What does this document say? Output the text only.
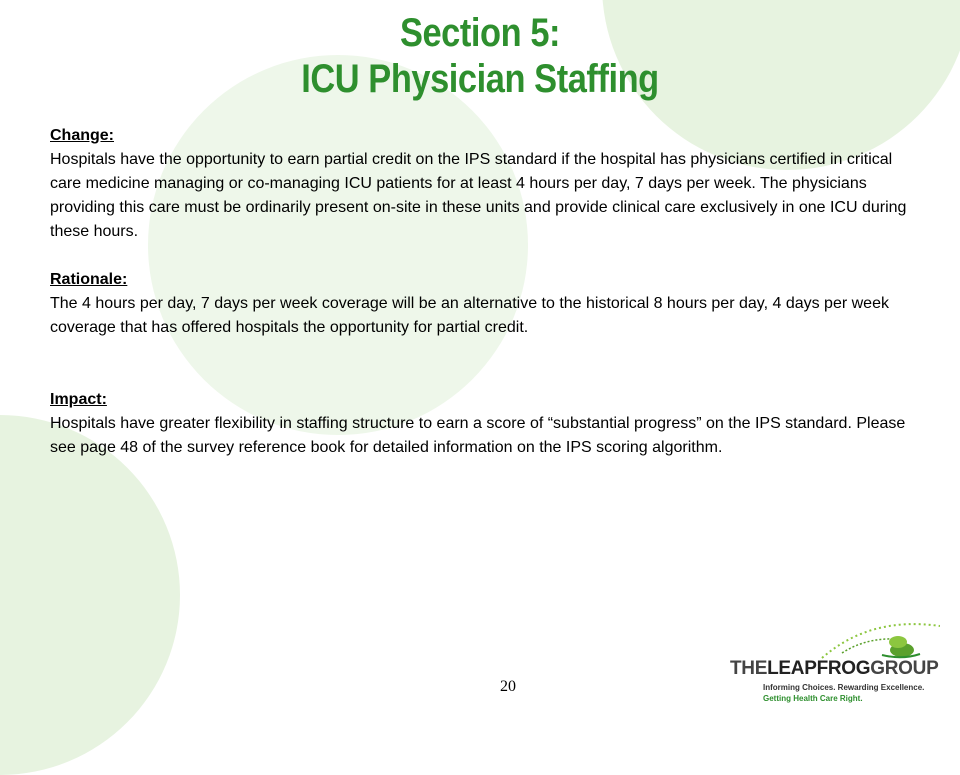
Section 5:
ICU Physician Staffing
Change:
Hospitals have the opportunity to earn partial credit on the IPS standard if the hospital has physicians certified in critical care medicine managing or co-managing ICU patients for at least 4 hours per day, 7 days per week. The physicians providing this care must be ordinarily present on-site in these units and provide clinical care exclusively in one ICU during these hours.
Rationale:
The 4 hours per day, 7 days per week coverage will be an alternative to the historical 8 hours per day, 4 days per week coverage that has offered hospitals the opportunity for partial credit.
Impact:
Hospitals have greater flexibility in staffing structure to earn a score of “substantial progress” on the IPS standard. Please see page 48 of the survey reference book for detailed information on the IPS scoring algorithm.
20
THELEAPFROGGROUP
Informing Choices. Rewarding Excellence.
Getting Health Care Right.
